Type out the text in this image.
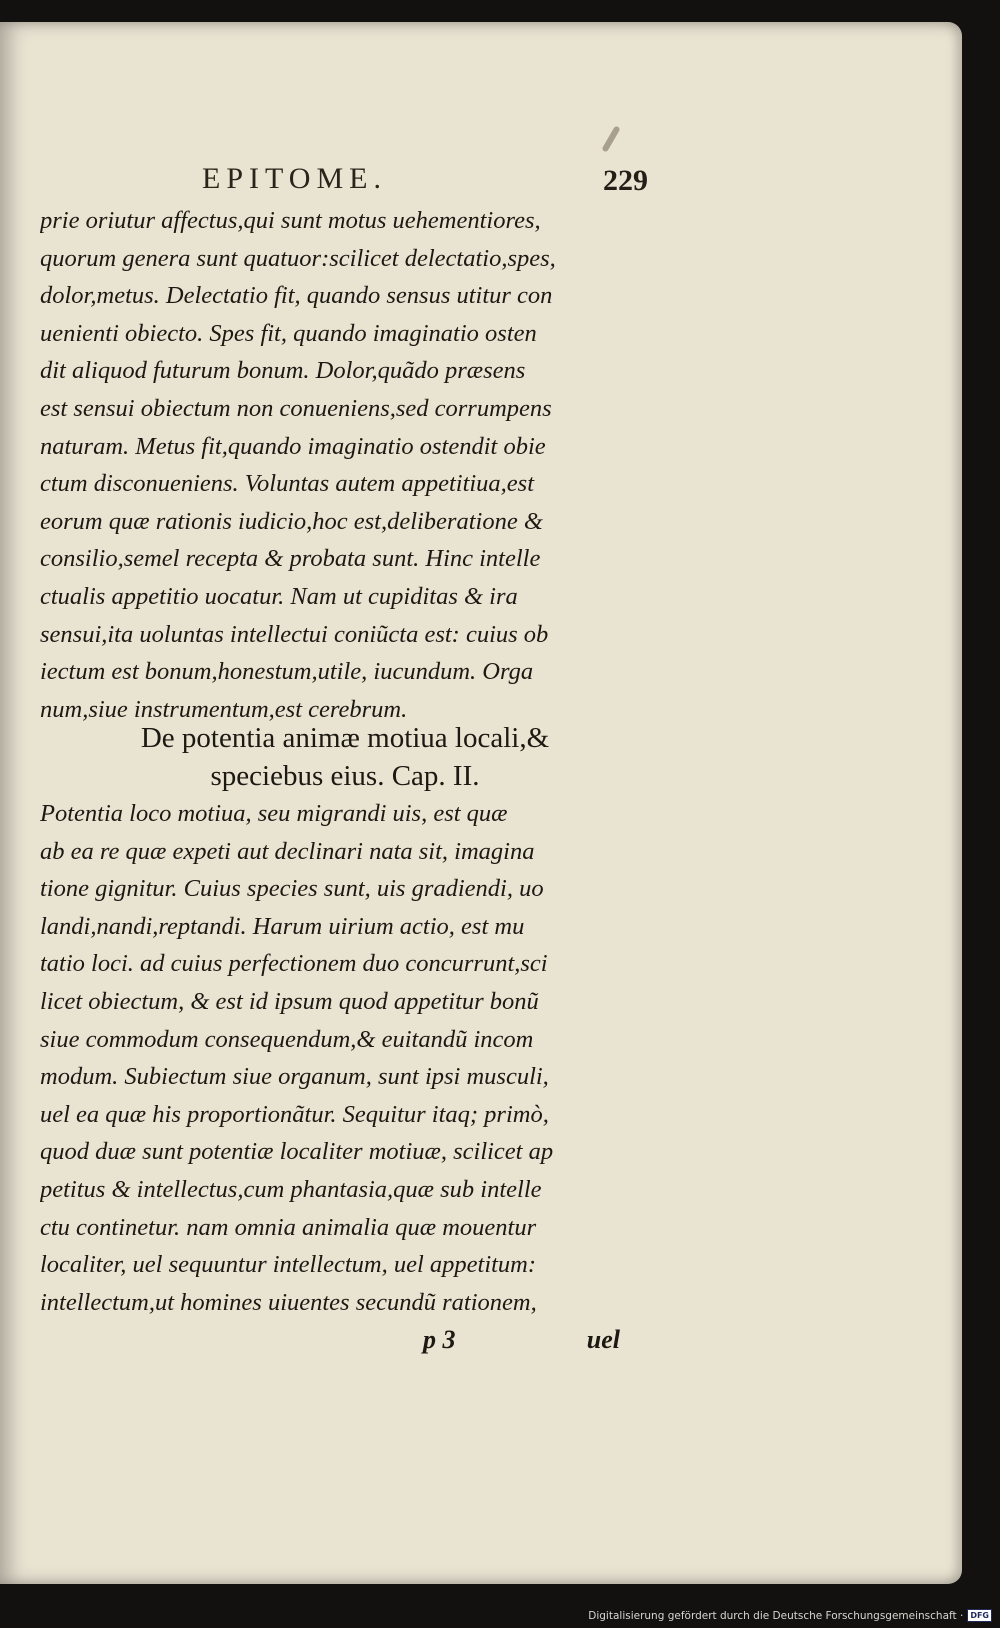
EPITOME.	229
prie oriutur affectus,qui sunt motus uehementiores,
quorum genera sunt quatuor:scilicet delectatio,spes,
dolor,metus. Delectatio fit, quando sensus utitur con
uenienti obiecto. Spes fit, quando imaginatio osten
dit aliquod futurum bonum. Dolor,quãdo præsens
est sensui obiectum non conueniens,sed corrumpens
naturam. Metus fit,quando imaginatio ostendit obie
ctum disconueniens. Voluntas autem appetitiua,est
eorum quæ rationis iudicio,hoc est,deliberatione &
consilio,semel recepta & probata sunt. Hinc intelle
ctualis appetitio uocatur. Nam ut cupiditas & ira
sensui,ita uoluntas intellectui coniũcta est: cuius ob
iectum est bonum,honestum,utile, iucundum. Orga
num,siue instrumentum,est cerebrum.
De potentia animæ motiua locali,&
speciebus eius. Cap. II.
Potentia loco motiua, seu migrandi uis, est quæ
ab ea re quæ expeti aut declinari nata sit, imagina
tione gignitur. Cuius species sunt, uis gradiendi, uo
landi,nandi,reptandi. Harum uirium actio, est mu
tatio loci. ad cuius perfectionem duo concurrunt,sci
licet obiectum, & est id ipsum quod appetitur bonũ
siue commodum consequendum,& euitandũ incom
modum. Subiectum siue organum, sunt ipsi musculi,
uel ea quæ his proportionãtur. Sequitur itaq; primò,
quod duæ sunt potentiæ localiter motiuæ, scilicet ap
petitus & intellectus,cum phantasia,quæ sub intelle
ctu continetur. nam omnia animalia quæ mouentur
localiter, uel sequuntur intellectum, uel appetitum:
intellectum,ut homines uiuentes secundũ rationem,
p 3	uel
Digitalisierung gefördert durch die Deutsche Forschungsgemeinschaft · DFG
